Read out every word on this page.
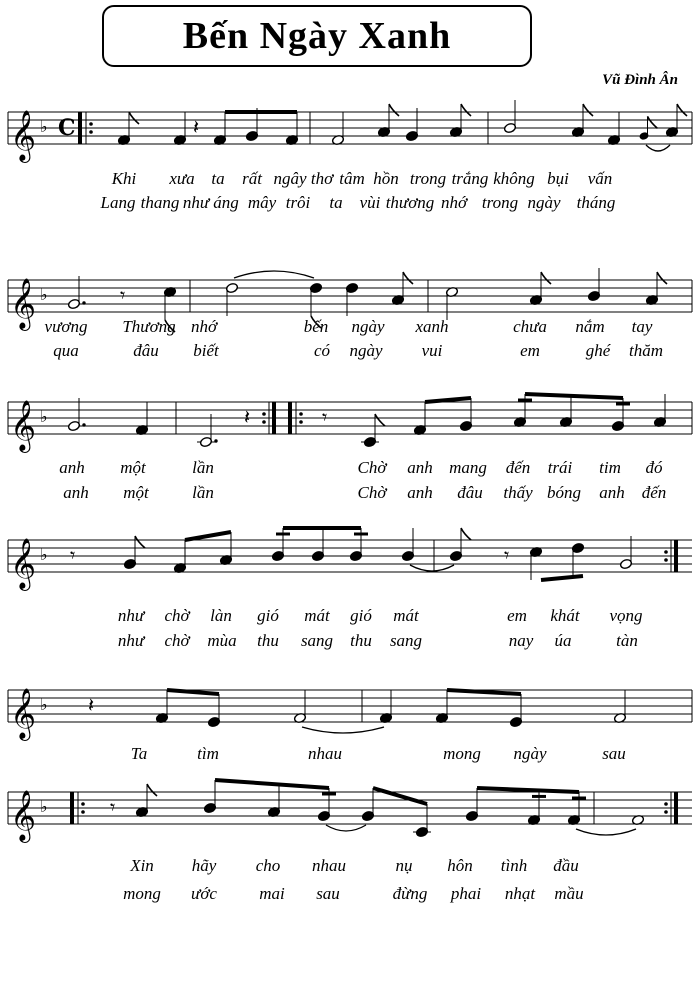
Bến Ngày Xanh
Vũ Đình Ân
𝄞 ♭ C	𝄽
𝄞 ♭	𝄾
𝄞 ♭	𝄽	𝄾
𝄞 ♭ 𝄾	𝄾
𝄞 ♭ 𝄽
𝄞 ♭	𝄾
Khi xưa ta rất ngây thơ tâm hồn trong trắng không bụi vấn
Lang thang như áng mây trôi ta vùi thương nhớ trong ngày tháng
vương Thương nhớ	bến ngày xanh	chưa nắm tay
qua	đâu biết	có ngày vui	em	ghé thăm
anh một	lần	Chờ anh mang đến trái tim đó
anh một	lần	Chờ anh đâu thấy bóng anh đến
như chờ làn gió mát gió mát	em khát vọng
như chờ mùa thu sang thu sang	nay úa	tàn
Ta	tìm	nhau	mong ngày	sau
Xin hãy cho nhau	nụ hôn tình đầu
mong ước mai sau	đừng phai nhạt mầu
